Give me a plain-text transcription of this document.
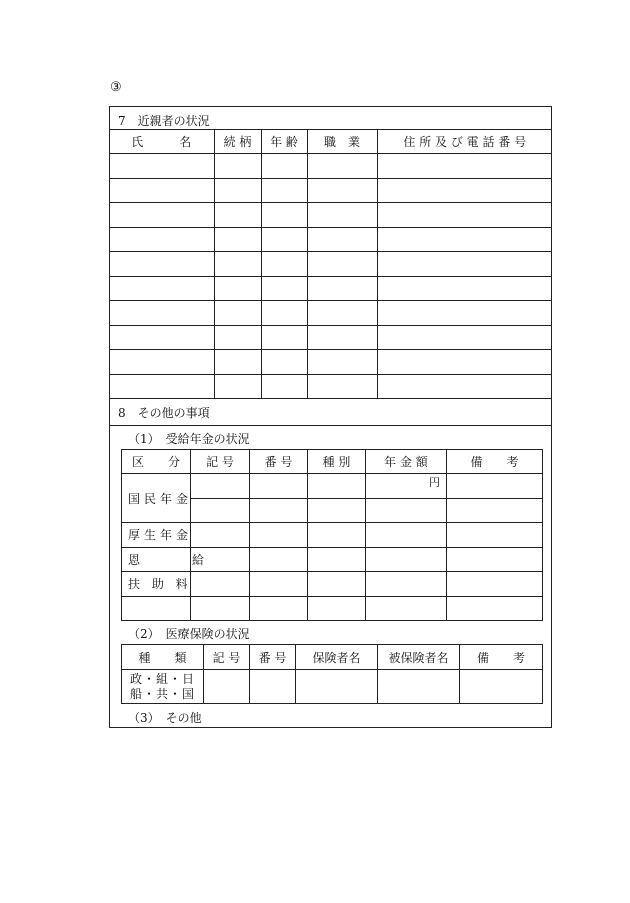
③
7　近親者の状況
氏　　　名	続 柄	年 齢	職　業	住 所 及 び 電 話 番 号

8　その他の事項
（1）　受給年金の状況
区　　分	記 号	番 号	種 別	年 金 額	備　　考
国民年金				円	

厚生年金					
恩　　　給					
扶 助 料					

（2）　医療保険の状況
種　　類	記 号	番 号	保険者名	被保険者名	備　　考

政・組・日
船・共・国					

（3）　その他
